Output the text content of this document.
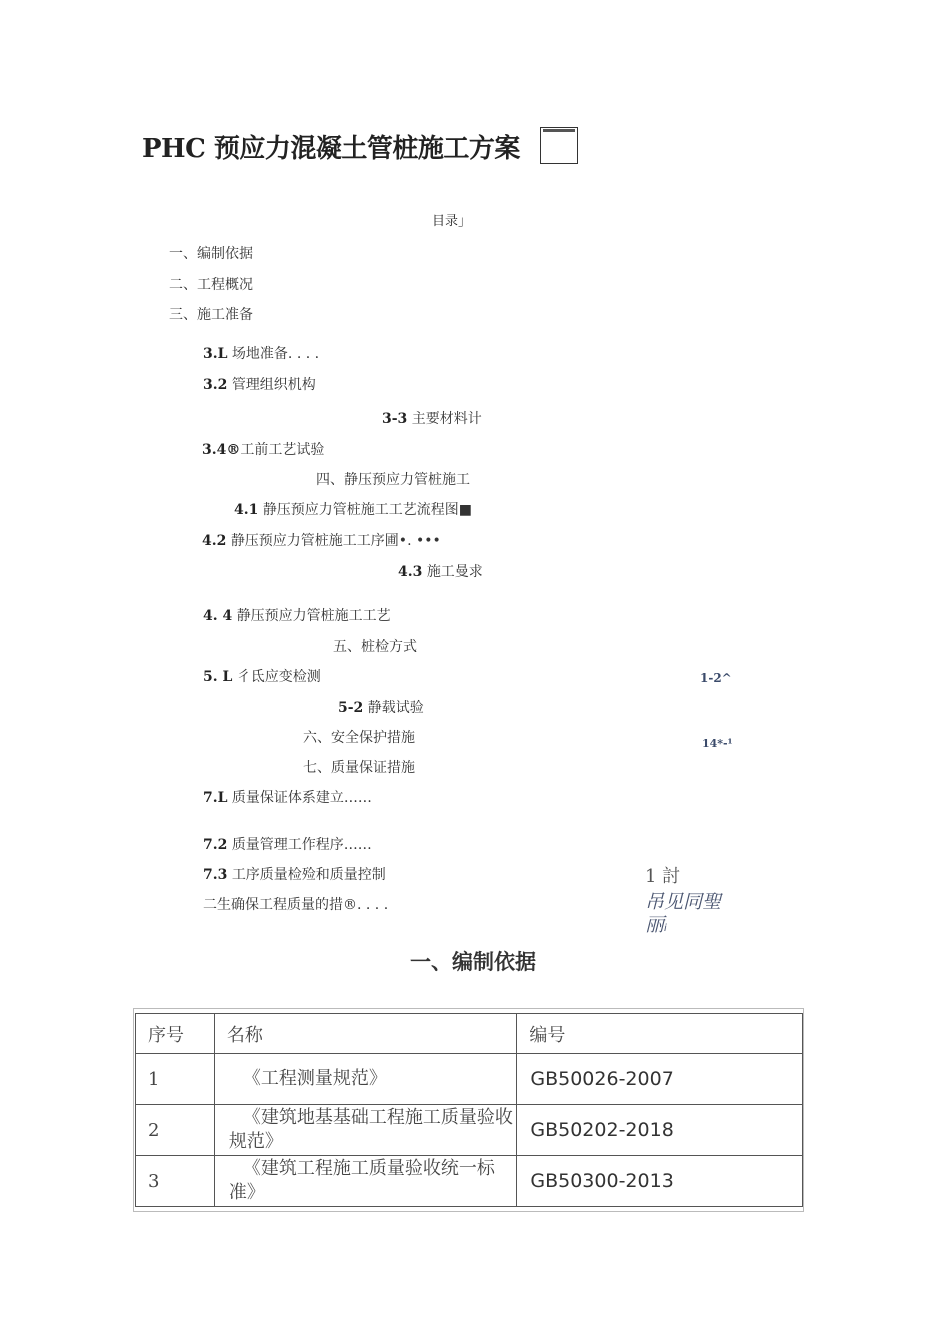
PHC 预应力混凝土管桩施工方案
目录」
一、编制依据
二、工程概况
三、施工准备
3.L 场地准备. . . .
3.2 管理组织机构
3-3 主要材料计
3.4®工前工艺试验
四、静压预应力管桩施工
4.1 静压预应力管桩施工工艺流程图■
4.2 静压预应力管桩施工工序圃•. •••
4.3 施工曼求
4. 4 静压预应力管桩施工工艺
五、桩检方式
5. L 彳氐应变检测
5-2 静载试验
六、安全保护措施
七、质量保证措施
7.L 质量保证体系建立……
7.2 质量管理工作程序……
7.3 工序质量检殓和质量控制
二生确保工程质量的措®. . . .
1-2^
14*-¹
1 討
吊见同聖
丽i
一、编制依据
序号	名称	编号
1	《工程测量规范》	GB50026-2007
2	《建筑地基基础工程施工质量验收规范》	GB50202-2018
3	《建筑工程施工质量验收统一标准》	GB50300-2013
